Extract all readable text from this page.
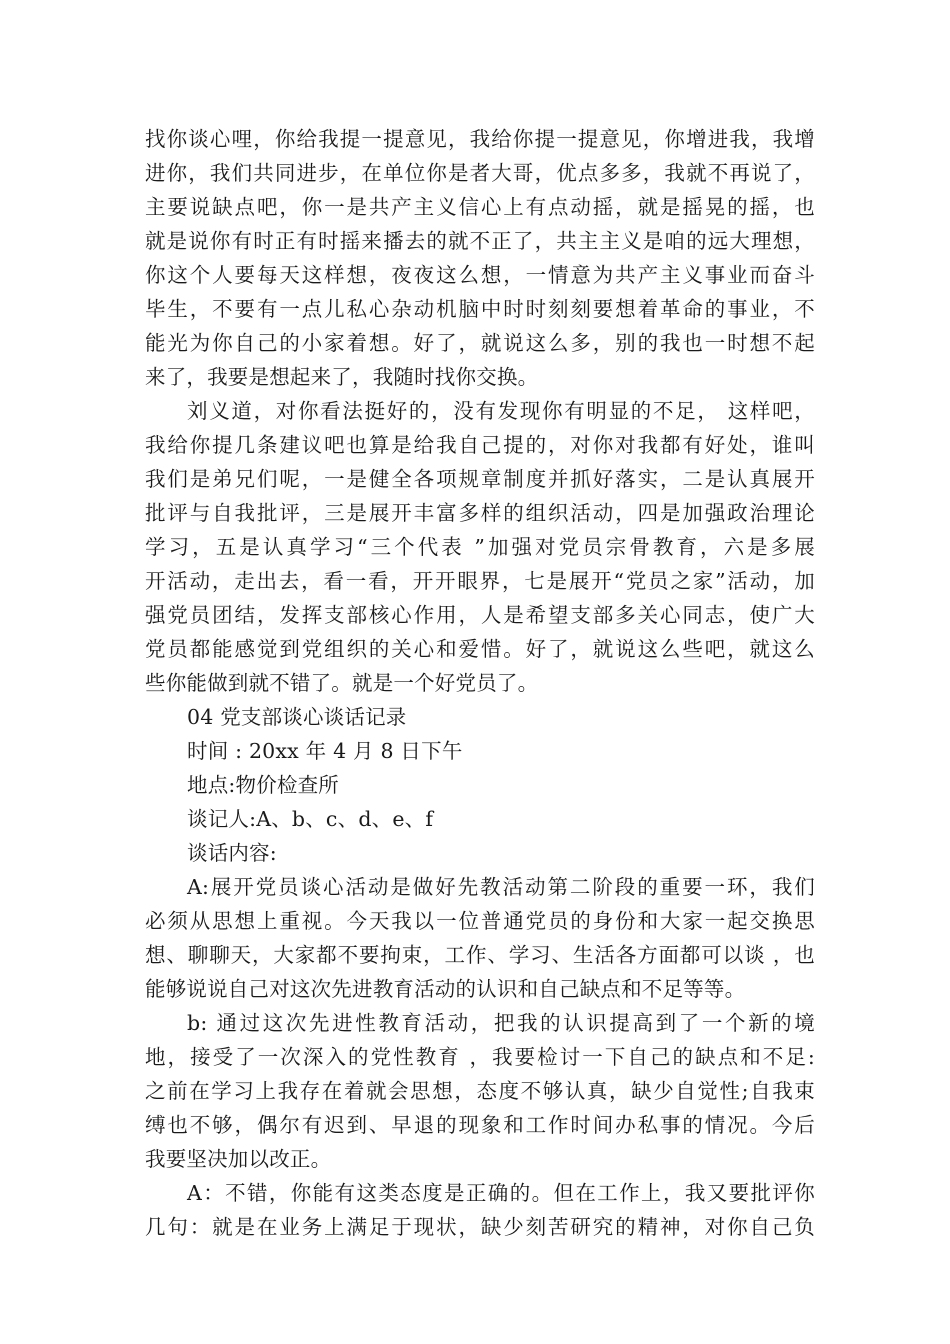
找你谈心哩，你给我提一提意见，我给你提一提意见，你增进我，我增
进你，我们共同进步，在单位你是者大哥，优点多多，我就不再说了，
主要说缺点吧，你一是共产主义信心上有点动摇，就是摇晃的摇，也
就是说你有时正有时摇来播去的就不正了，共主主义是咱的远大理想，
你这个人要每天这样想，夜夜这么想，一情意为共产主义事业而奋斗
毕生，不要有一点儿私心杂动机脑中时时刻刻要想着革命的事业，不
能光为你自己的小家着想。好了，就说这么多，别的我也一时想不起
来了，我要是想起来了，我随时找你交换。
刘义道，对你看法挺好的，没有发现你有明显的不足， 这样吧，
我给你提几条建议吧也算是给我自己提的，对你对我都有好处，谁叫
我们是弟兄们呢，一是健全各项规章制度并抓好落实，二是认真展开
批评与自我批评，三是展开丰富多样的组织活动，四是加强政治理论
学习，五是认真学习“三个代表 ”加强对党员宗骨教育，六是多展
开活动，走出去，看一看，开开眼界，七是展开“党员之家”活动，加
强党员团结，发挥支部核心作用，人是希望支部多关心同志，使广大
党员都能感觉到党组织的关心和爱惜。好了，就说这么些吧，就这么
些你能做到就不错了。就是一个好党员了。
04 党支部谈心谈话记录
时间 : 20xx 年 4 月 8 日下午
地点:物价检查所
谈记人:A、b、c、d、e、f
谈话内容:
A:展开党员谈心活动是做好先教活动第二阶段的重要一环，我们
必须从思想上重视。今天我以一位普通党员的身份和大家一起交换思
想、聊聊天，大家都不要拘束，工作、学习、生活各方面都可以谈 ，也
能够说说自己对这次先进教育活动的认识和自己缺点和不足等等。
b: 通过这次先进性教育活动，把我的认识提高到了一个新的境
地，接受了一次深入的党性教育 ，我要检讨一下自己的缺点和不足:
之前在学习上我存在着就会思想，态度不够认真，缺少自觉性;自我束
缚也不够，偶尔有迟到、早退的现象和工作时间办私事的情况。今后
我要坚决加以改正。
A：不错，你能有这类态度是正确的。但在工作上，我又要批评你
几句：就是在业务上满足于现状，缺少刻苦研究的精神，对你自己负
